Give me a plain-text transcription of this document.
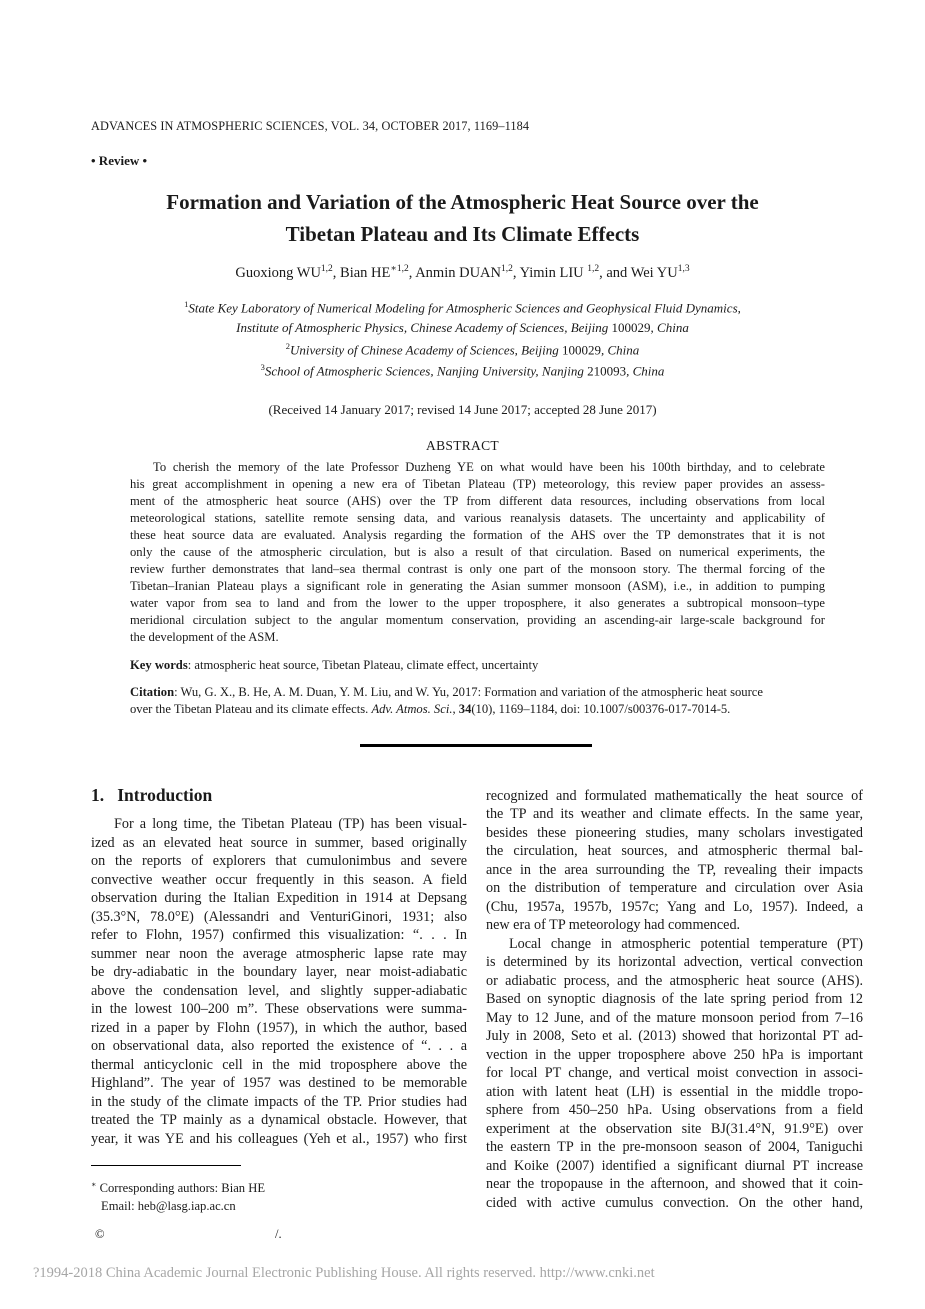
ADVANCES IN ATMOSPHERIC SCIENCES, VOL. 34, OCTOBER 2017, 1169–1184
• Review •
Formation and Variation of the Atmospheric Heat Source over the
Tibetan Plateau and Its Climate Effects
Guoxiong WU$^{1,2}$, Bian $HE^{∗1,2}$, Anmin DUAN$^{1,2}$, Yimin LIU $^{1,2}$, and Wei YU$^{1,3}$
$^1$State Key Laboratory of Numerical Modeling for Atmospheric Sciences and Geophysical Fluid Dynamics,
Institute of Atmospheric Physics, Chinese Academy of Sciences, Beijing 100029, China
$^2$University of Chinese Academy of Sciences, Beijing 100029, China
$^3$School of Atmospheric Sciences, Nanjing University, Nanjing 210093, China
(Received 14 January 2017; revised 14 June 2017; accepted 28 June 2017)
ABSTRACT
To cherish the memory of the late Professor Duzheng YE on what would have been his 100th birthday, and to celebrate
his great accomplishment in opening a new era of Tibetan Plateau (TP) meteorology, this review paper provides an assess-
ment of the atmospheric heat source (AHS) over the TP from different data resources, including observations from local
meteorological stations, satellite remote sensing data, and various reanalysis datasets. The uncertainty and applicability of
these heat source data are evaluated. Analysis regarding the formation of the AHS over the TP demonstrates that it is not
only the cause of the atmospheric circulation, but is also a result of that circulation. Based on numerical experiments, the
review further demonstrates that land–sea thermal contrast is only one part of the monsoon story. The thermal forcing of the
Tibetan–Iranian Plateau plays a significant role in generating the Asian summer monsoon (ASM), i.e., in addition to pumping
water vapor from sea to land and from the lower to the upper troposphere, it also generates a subtropical monsoon–type
meridional circulation subject to the angular momentum conservation, providing an ascending-air large-scale background for
the development of the ASM.
Key words: atmospheric heat source, Tibetan Plateau, climate effect, uncertainty
Citation: Wu, G. X., B. He, A. M. Duan, Y. M. Liu, and W. Yu, 2017: Formation and variation of the atmospheric heat source
over the Tibetan Plateau and its climate effects. Adv. Atmos. Sci., 34(10), 1169–1184, doi: 10.1007/s00376-017-7014-5.
1. Introduction
For a long time, the Tibetan Plateau (TP) has been visual-
ized as an elevated heat source in summer, based originally
on the reports of explorers that cumulonimbus and severe
convective weather occur frequently in this season. A field
observation during the Italian Expedition in 1914 at Depsang
(35.3°N, 78.0°E) (Alessandri and VenturiGinori, 1931; also
refer to Flohn, 1957) confirmed this visualization: “. . . In
summer near noon the average atmospheric lapse rate may
be dry-adiabatic in the boundary layer, near moist-adiabatic
above the condensation level, and slightly supper-adiabatic
in the lowest 100–200 m”. These observations were summa-
rized in a paper by Flohn (1957), in which the author, based
on observational data, also reported the existence of “. . . a
thermal anticyclonic cell in the mid troposphere above the
Highland”. The year of 1957 was destined to be memorable
in the study of the climate impacts of the TP. Prior studies had
treated the TP mainly as a dynamical obstacle. However, that
year, it was YE and his colleagues (Yeh et al., 1957) who first
recognized and formulated mathematically the heat source of
the TP and its weather and climate effects. In the same year,
besides these pioneering studies, many scholars investigated
the circulation, heat sources, and atmospheric thermal bal-
ance in the area surrounding the TP, revealing their impacts
on the distribution of temperature and circulation over Asia
(Chu, 1957a, 1957b, 1957c; Yang and Lo, 1957). Indeed, a
new era of TP meteorology had commenced.
Local change in atmospheric potential temperature (PT)
is determined by its horizontal advection, vertical convection
or adiabatic process, and the atmospheric heat source (AHS).
Based on synoptic diagnosis of the late spring period from 12
May to 12 June, and of the mature monsoon period from 7–16
July in 2008, Seto et al. (2013) showed that horizontal PT ad-
vection in the upper troposphere above 250 hPa is important
for local PT change, and vertical moist convection in associ-
ation with latent heat (LH) is essential in the middle tropo-
sphere from 450–250 hPa. Using observations from a field
experiment at the observation site BJ(31.4°N, 91.9°E) over
the eastern TP in the pre-monsoon season of 2004, Taniguchi
and Koike (2007) identified a significant diurnal PT increase
near the tropopause in the afternoon, and showed that it coin-
cided with active cumulus convection. On the other hand,
∗ Corresponding authors: Bian HE
Email: heb@lasg.iap.ac.cn
©	/.
?1994-2018 China Academic Journal Electronic Publishing House. All rights reserved. http://www.cnki.net
